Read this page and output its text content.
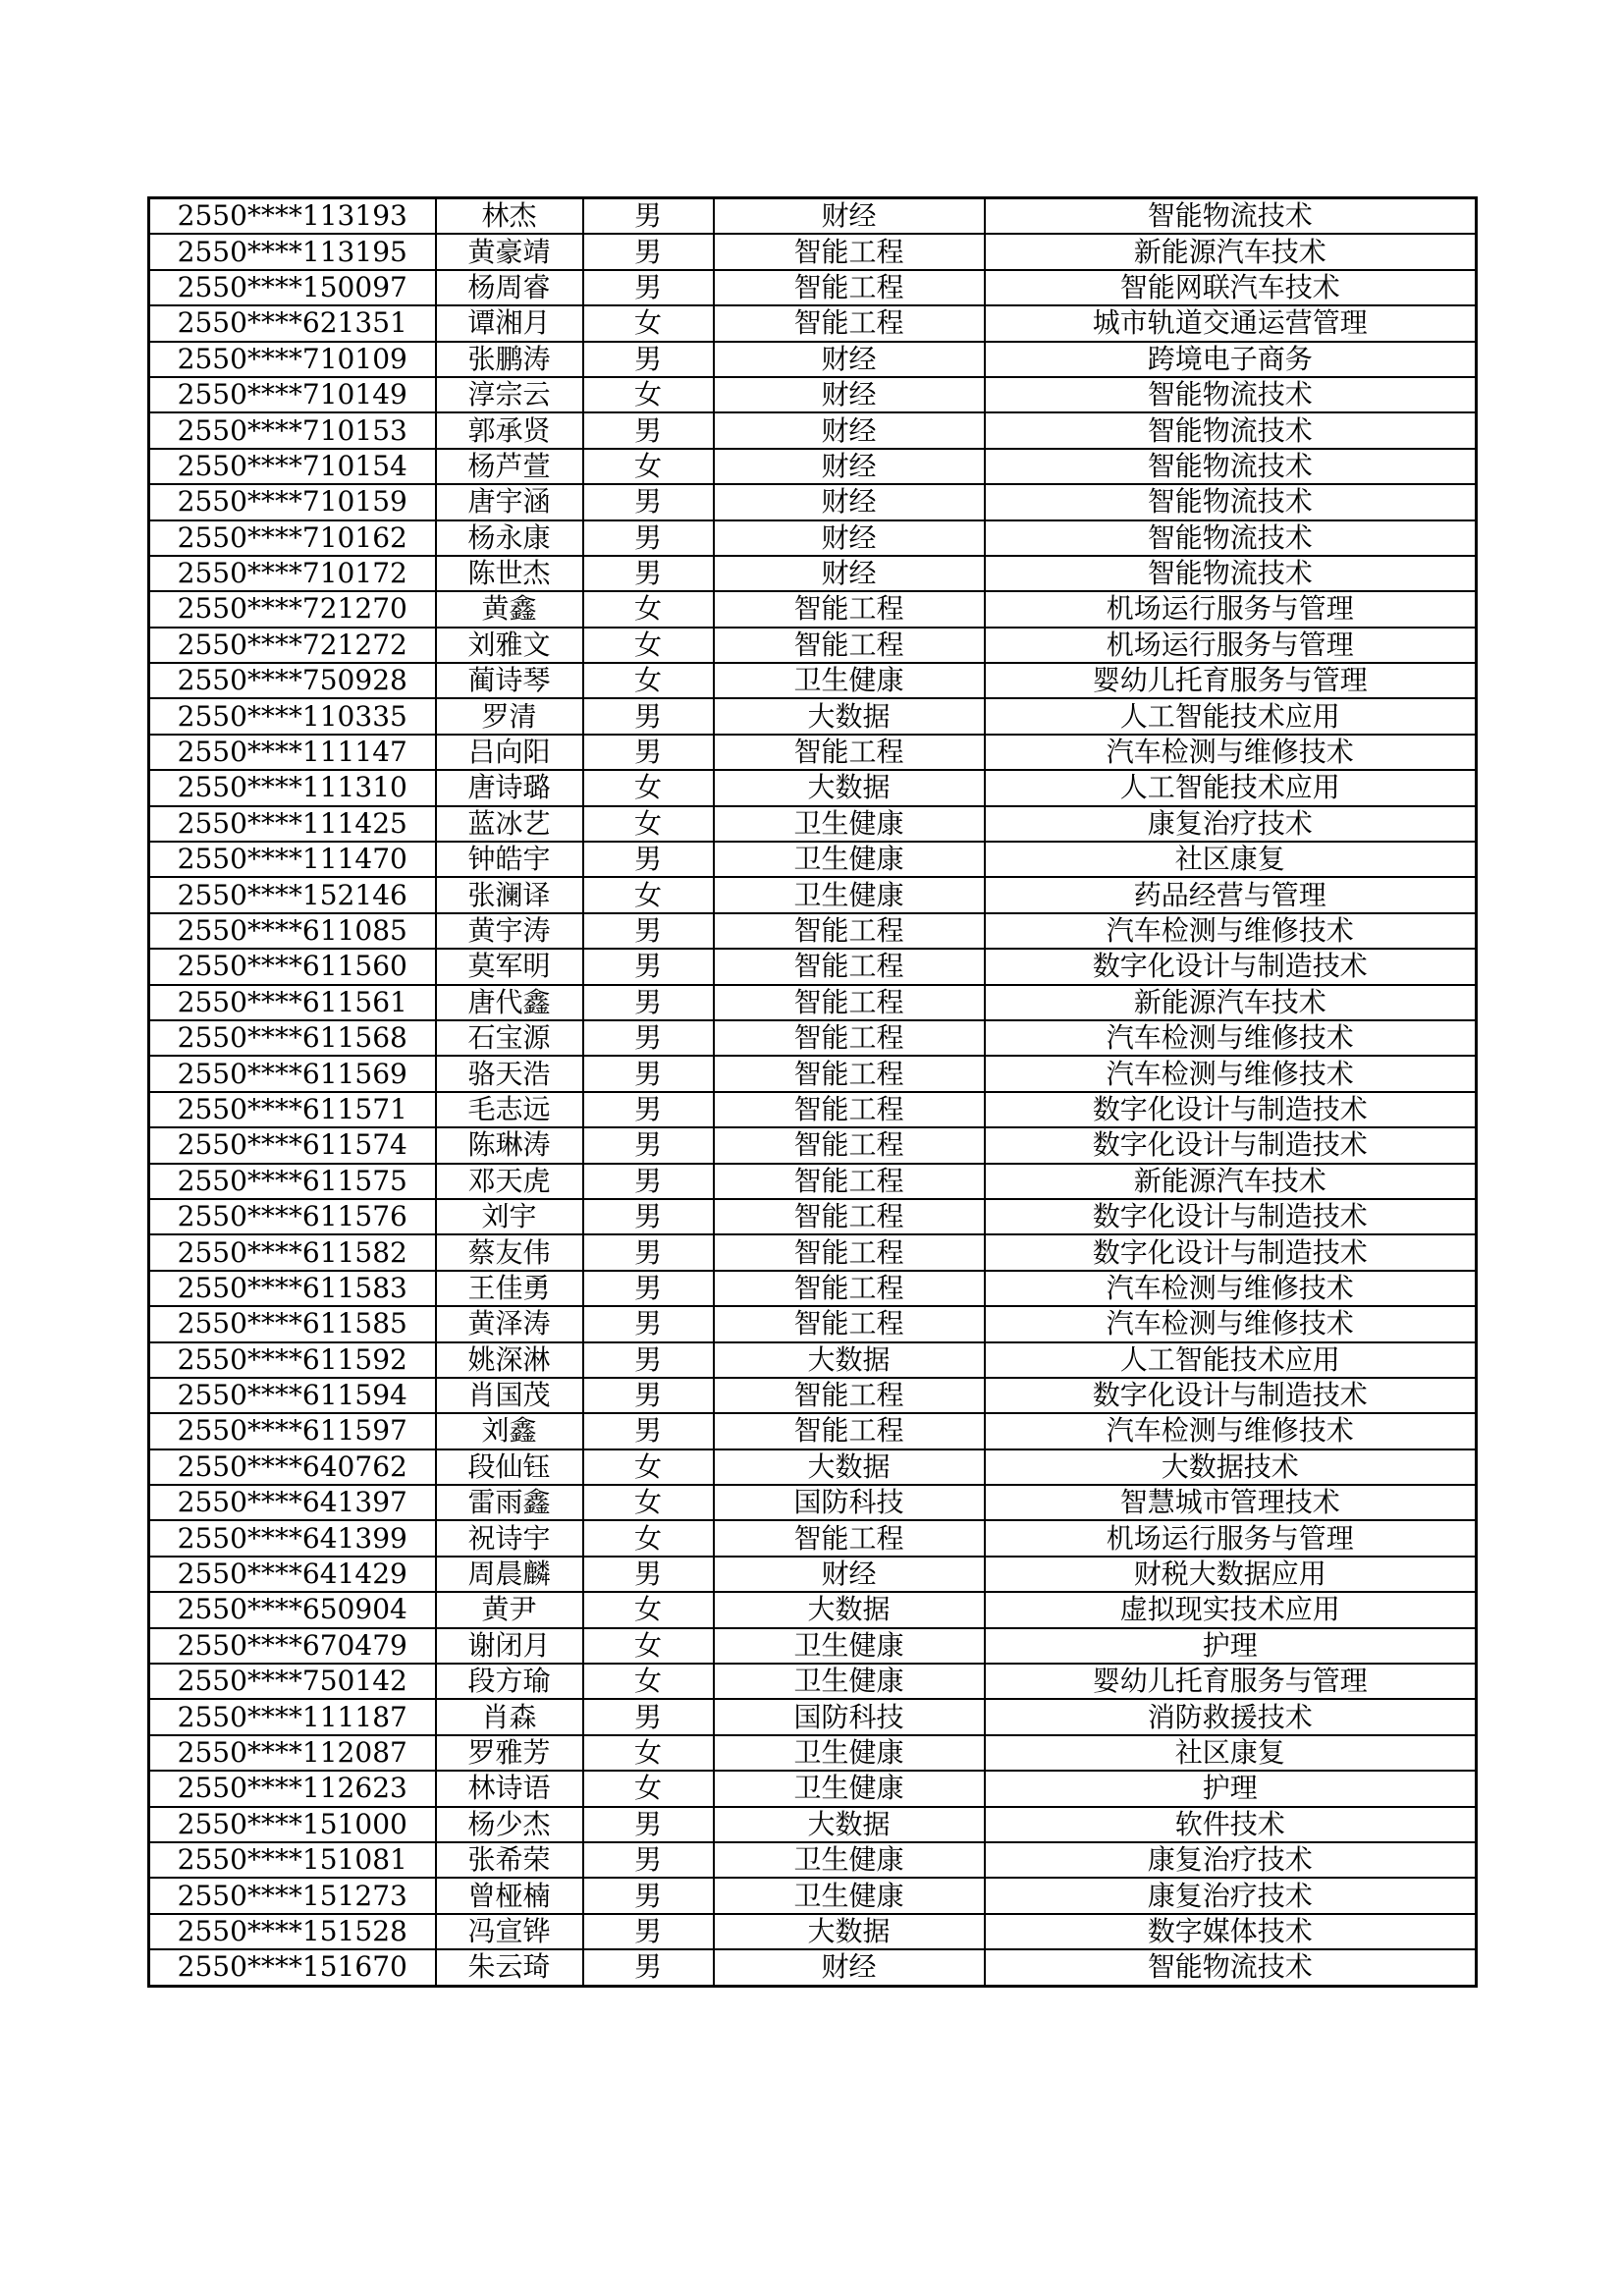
2550****113193	林杰	男	财经	智能物流技术
2550****113195	黄豪靖	男	智能工程	新能源汽车技术
2550****150097	杨周睿	男	智能工程	智能网联汽车技术
2550****621351	谭湘月	女	智能工程	城市轨道交通运营管理
2550****710109	张鹏涛	男	财经	跨境电子商务
2550****710149	淳宗云	女	财经	智能物流技术
2550****710153	郭承贤	男	财经	智能物流技术
2550****710154	杨芦萱	女	财经	智能物流技术
2550****710159	唐宇涵	男	财经	智能物流技术
2550****710162	杨永康	男	财经	智能物流技术
2550****710172	陈世杰	男	财经	智能物流技术
2550****721270	黄鑫	女	智能工程	机场运行服务与管理
2550****721272	刘雅文	女	智能工程	机场运行服务与管理
2550****750928	蔺诗琴	女	卫生健康	婴幼儿托育服务与管理
2550****110335	罗清	男	大数据	人工智能技术应用
2550****111147	吕向阳	男	智能工程	汽车检测与维修技术
2550****111310	唐诗璐	女	大数据	人工智能技术应用
2550****111425	蓝冰艺	女	卫生健康	康复治疗技术
2550****111470	钟皓宇	男	卫生健康	社区康复
2550****152146	张澜译	女	卫生健康	药品经营与管理
2550****611085	黄宇涛	男	智能工程	汽车检测与维修技术
2550****611560	莫军明	男	智能工程	数字化设计与制造技术
2550****611561	唐代鑫	男	智能工程	新能源汽车技术
2550****611568	石宝源	男	智能工程	汽车检测与维修技术
2550****611569	骆天浩	男	智能工程	汽车检测与维修技术
2550****611571	毛志远	男	智能工程	数字化设计与制造技术
2550****611574	陈琳涛	男	智能工程	数字化设计与制造技术
2550****611575	邓天虎	男	智能工程	新能源汽车技术
2550****611576	刘宇	男	智能工程	数字化设计与制造技术
2550****611582	蔡友伟	男	智能工程	数字化设计与制造技术
2550****611583	王佳勇	男	智能工程	汽车检测与维修技术
2550****611585	黄泽涛	男	智能工程	汽车检测与维修技术
2550****611592	姚深淋	男	大数据	人工智能技术应用
2550****611594	肖国茂	男	智能工程	数字化设计与制造技术
2550****611597	刘鑫	男	智能工程	汽车检测与维修技术
2550****640762	段仙钰	女	大数据	大数据技术
2550****641397	雷雨鑫	女	国防科技	智慧城市管理技术
2550****641399	祝诗宇	女	智能工程	机场运行服务与管理
2550****641429	周晨麟	男	财经	财税大数据应用
2550****650904	黄尹	女	大数据	虚拟现实技术应用
2550****670479	谢闭月	女	卫生健康	护理
2550****750142	段方瑜	女	卫生健康	婴幼儿托育服务与管理
2550****111187	肖森	男	国防科技	消防救援技术
2550****112087	罗雅芳	女	卫生健康	社区康复
2550****112623	林诗语	女	卫生健康	护理
2550****151000	杨少杰	男	大数据	软件技术
2550****151081	张希荣	男	卫生健康	康复治疗技术
2550****151273	曾桠楠	男	卫生健康	康复治疗技术
2550****151528	冯宣铧	男	大数据	数字媒体技术
2550****151670	朱云琦	男	财经	智能物流技术
